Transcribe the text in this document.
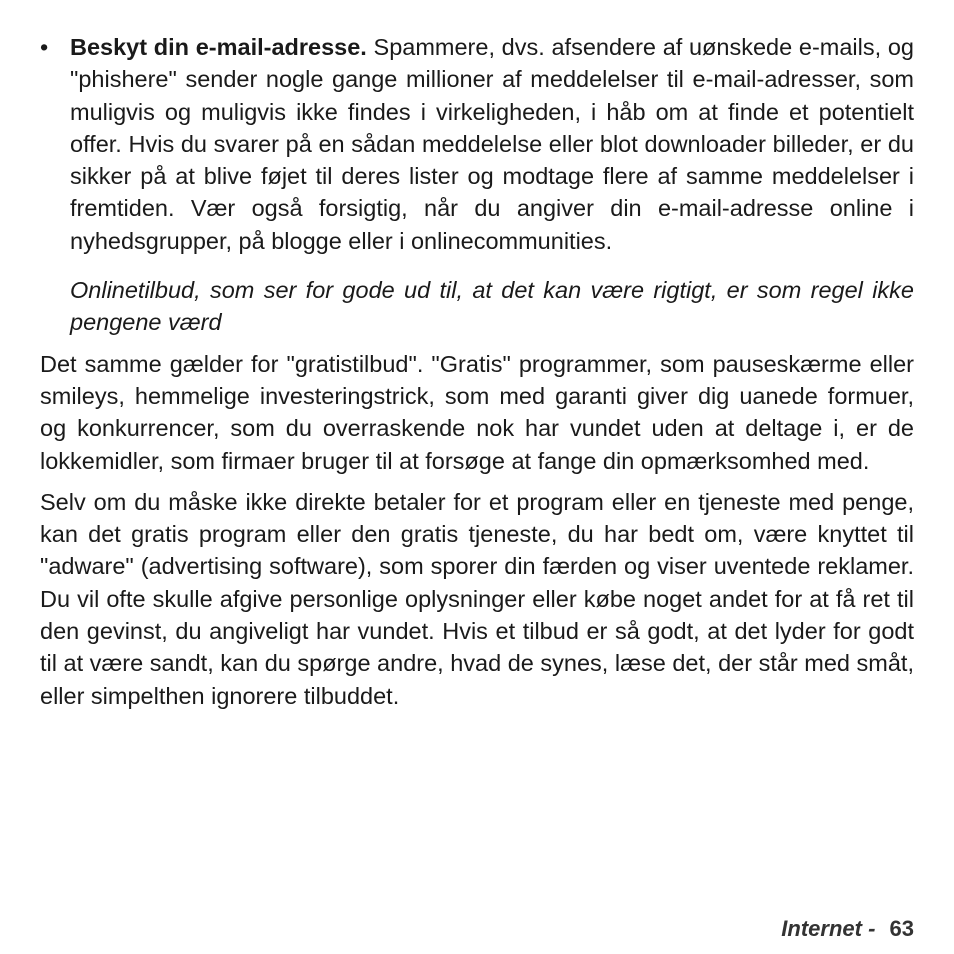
• Beskyt din e-mail-adresse. Spammere, dvs. afsendere af uønskede e-mails, og "phishere" sender nogle gange millioner af meddelelser til e-mail-adresser, som muligvis og muligvis ikke findes i virkeligheden, i håb om at finde et potentielt offer. Hvis du svarer på en sådan meddelelse eller blot downloader billeder, er du sikker på at blive føjet til deres lister og modtage flere af samme meddelelser i fremtiden. Vær også forsigtig, når du angiver din e-mail-adresse online i nyhedsgrupper, på blogge eller i onlinecommunities.

Onlinetilbud, som ser for gode ud til, at det kan være rigtigt, er som regel ikke pengene værd

Det samme gælder for "gratistilbud". "Gratis" programmer, som pauseskærme eller smileys, hemmelige investeringstrick, som med garanti giver dig uanede formuer, og konkurrencer, som du overraskende nok har vundet uden at deltage i, er de lokkemidler, som firmaer bruger til at forsøge at fange din opmærksomhed med.

Selv om du måske ikke direkte betaler for et program eller en tjeneste med penge, kan det gratis program eller den gratis tjeneste, du har bedt om, være knyttet til "adware" (advertising software), som sporer din færden og viser uventede reklamer. Du vil ofte skulle afgive personlige oplysninger eller købe noget andet for at få ret til den gevinst, du angiveligt har vundet. Hvis et tilbud er så godt, at det lyder for godt til at være sandt, kan du spørge andre, hvad de synes, læse det, der står med småt, eller simpelthen ignorere tilbuddet.

Internet - 63
